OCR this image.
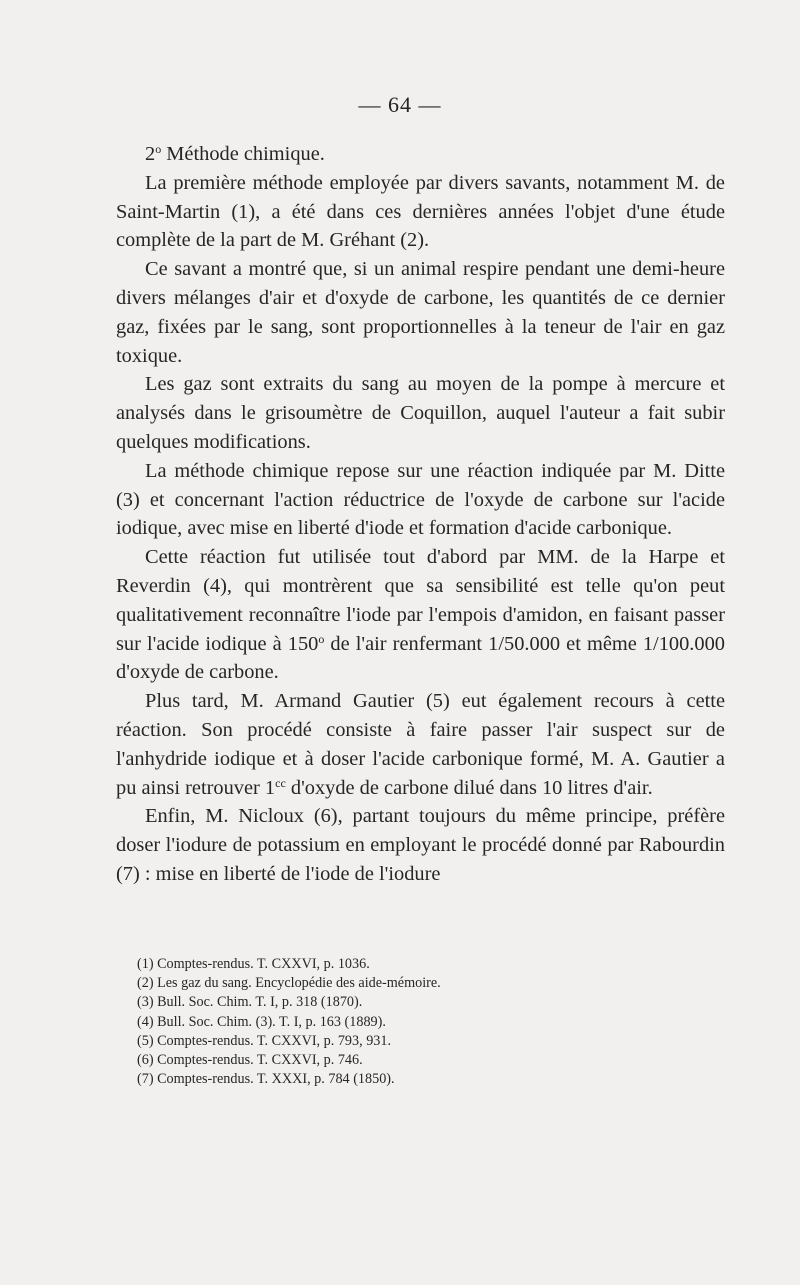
— 64 —

2$^o$ Méthode chimique.

La première méthode employée par divers savants, notamment M. de Saint-Martin (1), a été dans ces dernières années l'objet d'une étude complète de la part de M. Gréhant (2).

Ce savant a montré que, si un animal respire pendant une demi-heure divers mélanges d'air et d'oxyde de carbone, les quantités de ce dernier gaz, fixées par le sang, sont proportionnelles à la teneur de l'air en gaz toxique.

Les gaz sont extraits du sang au moyen de la pompe à mercure et analysés dans le grisoumètre de Coquillon, auquel l'auteur a fait subir quelques modifications.

La méthode chimique repose sur une réaction indiquée par M. Ditte (3) et concernant l'action réductrice de l'oxyde de carbone sur l'acide iodique, avec mise en liberté d'iode et formation d'acide carbonique.

Cette réaction fut utilisée tout d'abord par MM. de la Harpe et Reverdin (4), qui montrèrent que sa sensibilité est telle qu'on peut qualitativement reconnaître l'iode par l'empois d'amidon, en faisant passer sur l'acide iodique à 150$^o$ de l'air renfermant 1/50.000 et même 1/100.000 d'oxyde de carbone.

Plus tard, M. Armand Gautier (5) eut également recours à cette réaction. Son procédé consiste à faire passer l'air suspect sur de l'anhydride iodique et à doser l'acide carbonique formé, M. A. Gautier a pu ainsi retrouver $1^{cc}$ d'oxyde de carbone dilué dans 10 litres d'air.

Enfin, M. Nicloux (6), partant toujours du même principe, préfère doser l'iodure de potassium en employant le procédé donné par Rabourdin (7) : mise en liberté de l'iode de l'iodure

(1) Comptes-rendus. T. CXXVI, p. 1036.
(2) Les gaz du sang. Encyclopédie des aide-mémoire.
(3) Bull. Soc. Chim. T. I, p. 318 (1870).
(4) Bull. Soc. Chim. (3). T. I, p. 163 (1889).
(5) Comptes-rendus. T. CXXVI, p. 793, 931.
(6) Comptes-rendus. T. CXXVI, p. 746.
(7) Comptes-rendus. T. XXXI, p. 784 (1850).
